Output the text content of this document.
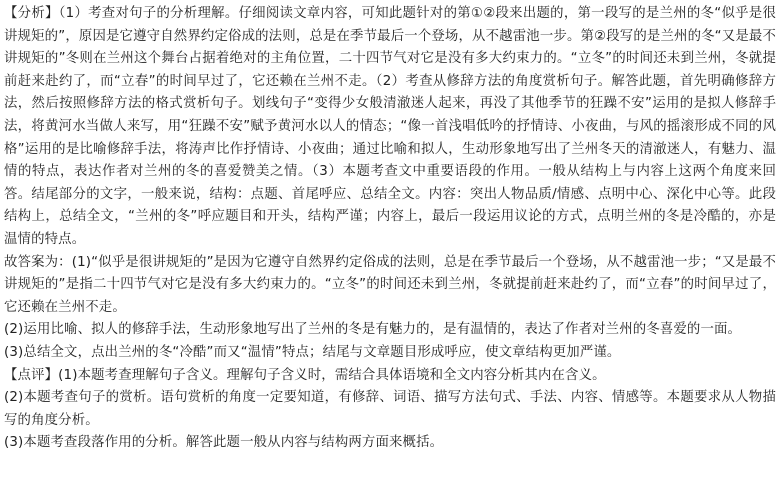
【分析】（1）考查对句子的分析理解。仔细阅读文章内容，可知此题针对的第①②段来出题的，第一段写的是兰州的冬“似乎是很讲规矩的”，原因是它遵守自然界约定俗成的法则，总是在季节最后一个登场，从不越雷池一步。第②段写的是兰州的冬“又是最不讲规矩的”冬则在兰州这个舞台占据着绝对的主角位置，二十四节气对它是没有多大约束力的。“立冬”的时间还未到兰州，冬就提前赶来赴约了，而“立春”的时间早过了，它还赖在兰州不走。（2）考查从修辞方法的角度赏析句子。解答此题，首先明确修辞方法，然后按照修辞方法的格式赏析句子。划线句子“变得少女般清澈迷人起来，再没了其他季节的狂躁不安”运用的是拟人修辞手法，将黄河水当做人来写，用“狂躁不安”赋予黄河水以人的情态；“像一首浅唱低吟的抒情诗、小夜曲，与风的摇滚形成不同的风格”运用的是比喻修辞手法，将涛声比作抒情诗、小夜曲；通过比喻和拟人，生动形象地写出了兰州冬天的清澈迷人，有魅力、温情的特点，表达作者对兰州的冬的喜爱赞美之情。（3）本题考查文中重要语段的作用。一般从结构上与内容上这两个角度来回答。结尾部分的文字，一般来说，结构：点题、首尾呼应、总结全文。内容：突出人物品质/情感、点明中心、深化中心等。此段结构上，总结全文，“兰州的冬”呼应题目和开头，结构严谨；内容上，最后一段运用议论的方式，点明兰州的冬是冷酷的，亦是温情的特点。

故答案为：(1)“似乎是很讲规矩的”是因为它遵守自然界约定俗成的法则，总是在季节最后一个登场，从不越雷池一步；“又是最不讲规矩的”是指二十四节气对它是没有多大约束力的。“立冬”的时间还未到兰州，冬就提前赶来赴约了，而“立春”的时间早过了，它还赖在兰州不走。

(2)运用比喻、拟人的修辞手法，生动形象地写出了兰州的冬是有魅力的，是有温情的，表达了作者对兰州的冬喜爱的一面。

(3)总结全文，点出兰州的冬“冷酷”而又“温情”特点；结尾与文章题目形成呼应，使文章结构更加严谨。

【点评】(1)本题考查理解句子含义。理解句子含义时，需结合具体语境和全文内容分析其内在含义。

(2)本题考查句子的赏析。语句赏析的角度一定要知道，有修辞、词语、描写方法句式、手法、内容、情感等。本题要求从人物描写的角度分析。

(3)本题考查段落作用的分析。解答此题一般从内容与结构两方面来概括。
